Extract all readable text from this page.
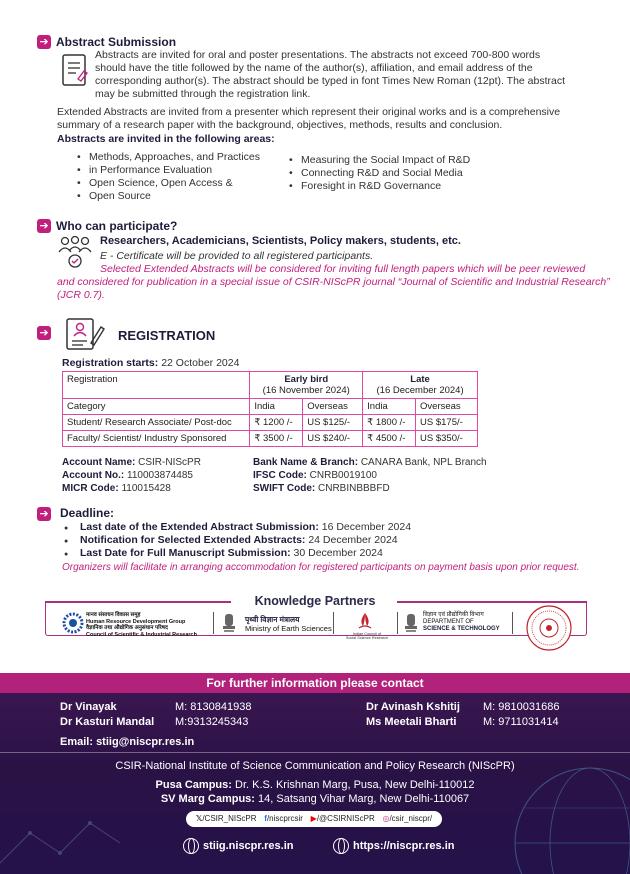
➔ Abstract Submission
Abstracts are invited for oral and poster presentations. The abstracts not exceed 700-800 words
should have the title followed by the name of the author(s), affiliation, and email address of the
corresponding author(s). The abstract should be typed in font Times New Roman (12pt). The abstract
may be submitted through the registration link.
Extended Abstracts are invited from a presenter which represent their original works and is a comprehensive
summary of a research paper with the background, objectives, methods, results and conclusion.
Abstracts are invited in the following areas:
• Methods, Approaches, and Practices
• in Performance Evaluation
• Open Science, Open Access &
• Open Source
• Measuring the Social Impact of R&D
• Connecting R&D and Social Media
• Foresight in R&D Governance
➔ Who can participate?
Researchers, Academicians, Scientists, Policy makers, students, etc.
E - Certificate will be provided to all registered participants.
Selected Extended Abstracts will be considered for inviting full length papers which will be peer reviewed
and considered for publication in a special issue of CSIR-NIScPR journal “Journal of Scientific and Industrial Research”
(JCR 0.7).
➔	REGISTRATION
Registration starts: 22 October 2024
Registration	Early bird
(16 November 2024)		Late
(16 December 2024)	
Category	India	Overseas	India	Overseas
Student/ Research Associate/ Post-doc	₹ 1200 /-	US $125/-	₹ 1800 /-	US $175/-
Faculty/ Scientist/ Industry Sponsored	₹ 3500 /-	US $240/-	₹ 4500 /-	US $350/-
Account Name: CSIR-NIScPR
Account No.: 110003874485
MICR Code: 110015428
Bank Name & Branch: CANARA Bank, NPL Branch
IFSC Code: CNRB0019100
SWIFT Code: CNRBINBBBFD
➔ Deadline:
● Last date of the Extended Abstract Submission: 16 December 2024
● Notification for Selected Extended Abstracts: 24 December 2024
● Last Date for Full Manuscript Submission: 30 December 2024
Organizers will facilitate in arranging accommodation for registered participants on payment basis upon prior request.
Knowledge Partners
मानव संसाधन विकास समूह
Human Resource Development Group
वैज्ञानिक तथा औद्योगिक अनुसंधान परिषद
Council of Scientific & Industrial Research
पृथ्वी विज्ञान मंत्रालय
Ministry of Earth Sciences
Indian Council of
Social Science Research
विज्ञान एवं प्रौद्योगिकी विभाग
DEPARTMENT OF
SCIENCE & TECHNOLOGY
For further information please contact
Dr Vinayak	M: 8130841938
Dr Kasturi Mandal M:9313245343
Dr Avinash Kshitij M: 9810031686
Ms Meetali Bharti M: 9711031414
Email: stiig@niscpr.res.in
CSIR-National Institute of Science Communication and Policy Research (NIScPR)
Pusa Campus: Dr. K.S. Krishnan Marg, Pusa, New Delhi-110012
SV Marg Campus: 14, Satsang Vihar Marg, New Delhi-110067
𝕏/CSIR_NIScPR f/niscprcsir ▶/@CSIRNIScPR ◎/csir_niscpr/
stiig.niscpr.res.in	https://niscpr.res.in
